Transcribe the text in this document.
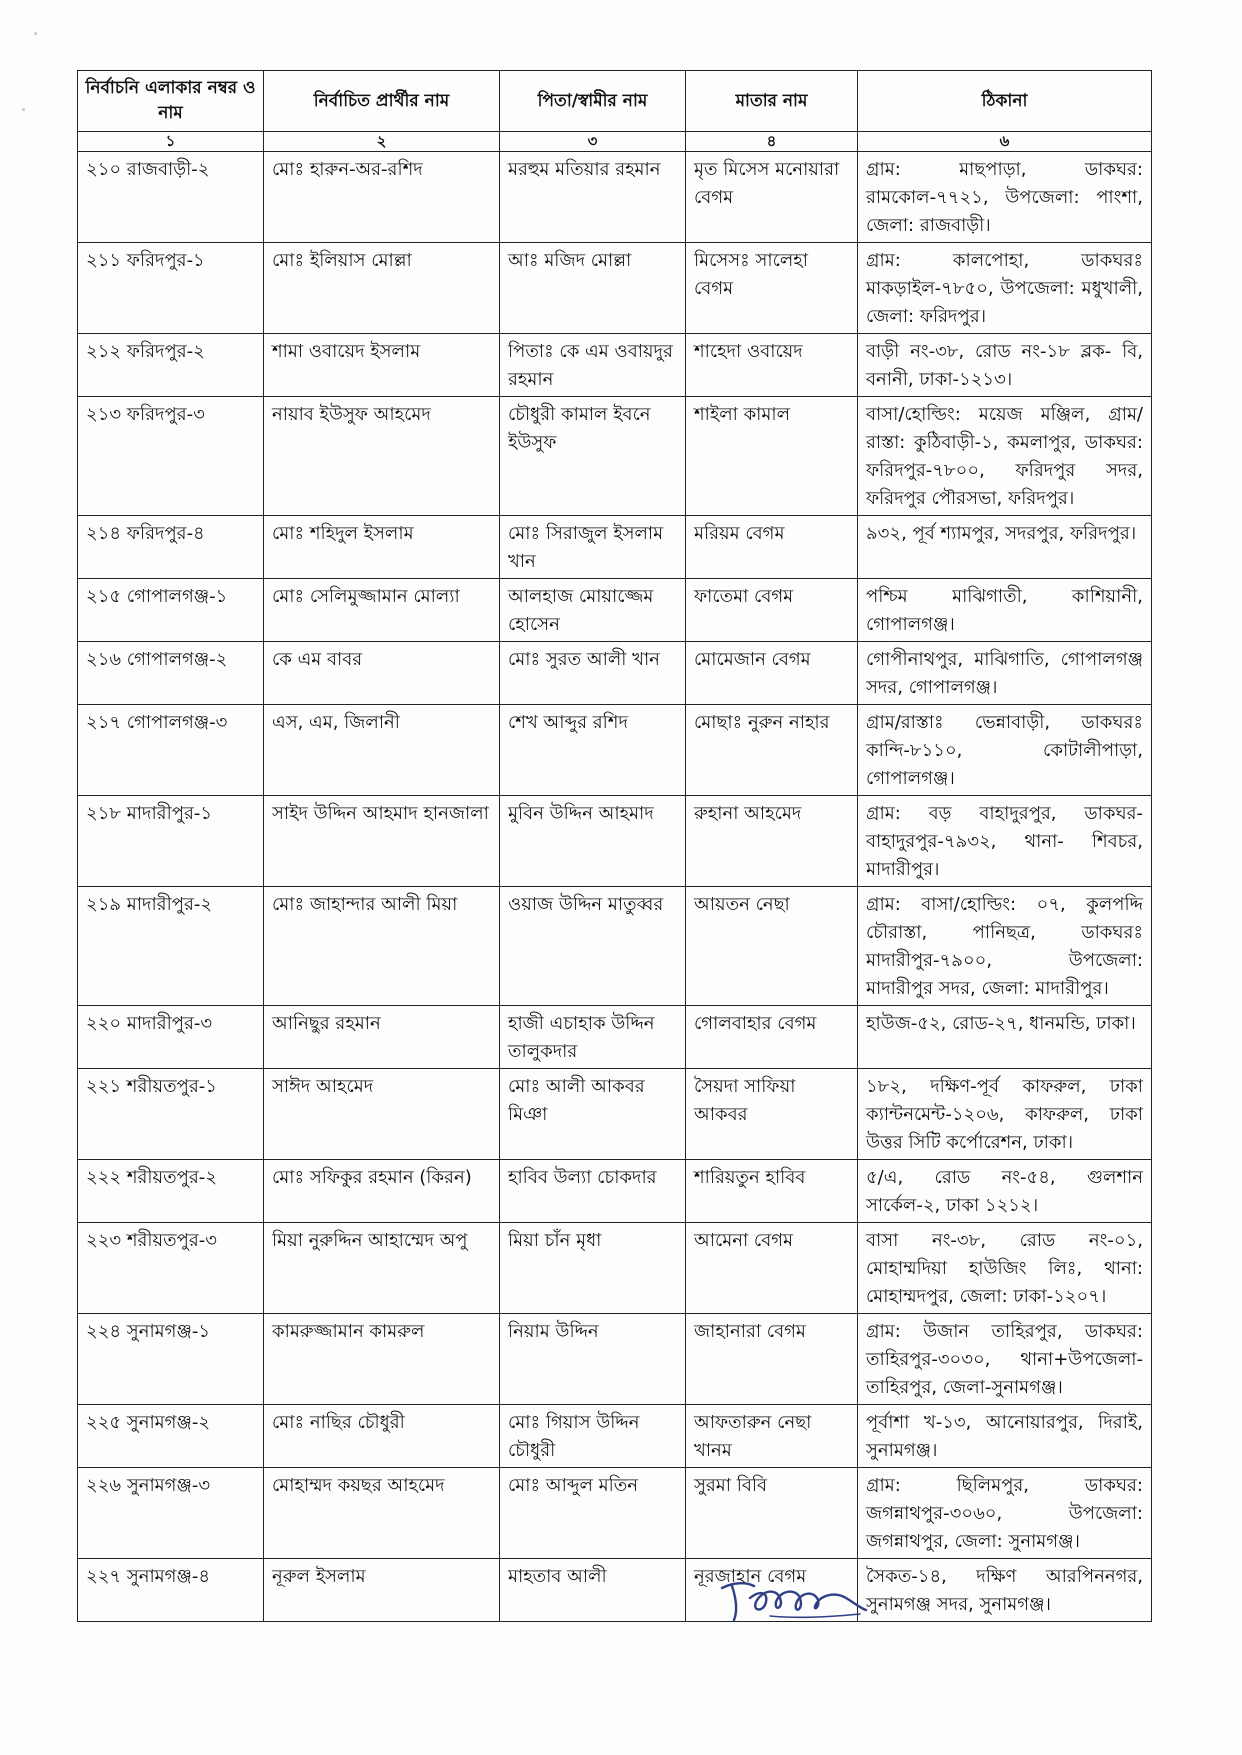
নির্বাচনি এলাকার নম্বর ও নাম	নির্বাচিত প্রার্থীর নাম	পিতা/স্বামীর নাম	মাতার নাম	ঠিকানা
১	২	৩	৪	৬
২১০ রাজবাড়ী-২	মোঃ হারুন-অর-রশিদ	মরহুম মতিয়ার রহমান	মৃত মিসেস মনোয়ারা বেগম	গ্রাম: মাছপাড়া, ডাকঘর: রামকোল-৭৭২১, উপজেলা: পাংশা, জেলা: রাজবাড়ী।
২১১ ফরিদপুর-১	মোঃ ইলিয়াস মোল্লা	আঃ মজিদ মোল্লা	মিসেসঃ সালেহা বেগম	গ্রাম: কালপোহা, ডাকঘরঃ মাকড়াইল-৭৮৫০, উপজেলা: মধুখালী, জেলা: ফরিদপুর।
২১২ ফরিদপুর-২	শামা ওবায়েদ ইসলাম	পিতাঃ কে এম ওবায়দুর রহমান	শাহেদা ওবায়েদ	বাড়ী নং-৩৮, রোড নং-১৮ ব্লক- বি, বনানী, ঢাকা-১২১৩।
২১৩ ফরিদপুর-৩	নায়াব ইউসুফ আহমেদ	চৌধুরী কামাল ইবনে ইউসুফ	শাইলা কামাল	বাসা/হোল্ডিং: ময়েজ মঞ্জিল, গ্রাম/রাস্তা: কুঠিবাড়ী-১, কমলাপুর, ডাকঘর: ফরিদপুর-৭৮০০, ফরিদপুর সদর, ফরিদপুর পৌরসভা, ফরিদপুর।
২১৪ ফরিদপুর-৪	মোঃ শহিদুল ইসলাম	মোঃ সিরাজুল ইসলাম খান	মরিয়ম বেগম	৯৩২, পূর্ব শ্যামপুর, সদরপুর, ফরিদপুর।
২১৫ গোপালগঞ্জ-১	মোঃ সেলিমুজ্জামান মোল্যা	আলহাজ মোয়াজ্জেম হোসেন	ফাতেমা বেগম	পশ্চিম মাঝিগাতী, কাশিয়ানী, গোপালগঞ্জ।
২১৬ গোপালগঞ্জ-২	কে এম বাবর	মোঃ সুরত আলী খান	মোমেজান বেগম	গোপীনাথপুর, মাঝিগাতি, গোপালগঞ্জ সদর, গোপালগঞ্জ।
২১৭ গোপালগঞ্জ-৩	এস, এম, জিলানী	শেখ আব্দুর রশিদ	মোছাঃ নুরুন নাহার	গ্রাম/রাস্তাঃ ভেন্নাবাড়ী, ডাকঘরঃ কান্দি-৮১১০, কোটালীপাড়া, গোপালগঞ্জ।
২১৮ মাদারীপুর-১	সাইদ উদ্দিন আহমাদ হানজালা	মুবিন উদ্দিন আহমাদ	রুহানা আহমেদ	গ্রাম: বড় বাহাদুরপুর, ডাকঘর-বাহাদুরপুর-৭৯৩২, থানা- শিবচর, মাদারীপুর।
২১৯ মাদারীপুর-২	মোঃ জাহান্দার আলী মিয়া	ওয়াজ উদ্দিন মাতুব্বর	আয়তন নেছা	গ্রাম: বাসা/হোল্ডিং: ০৭, কুলপদ্দি চৌরাস্তা, পানিছত্র, ডাকঘরঃ মাদারীপুর-৭৯০০, উপজেলা: মাদারীপুর সদর, জেলা: মাদারীপুর।
২২০ মাদারীপুর-৩	আনিছুর রহমান	হাজী এচাহাক উদ্দিন তালুকদার	গোলবাহার বেগম	হাউজ-৫২, রোড-২৭, ধানমন্ডি, ঢাকা।
২২১ শরীয়তপুর-১	সাঈদ আহমেদ	মোঃ আলী আকবর মিঞা	সৈয়দা সাফিয়া আকবর	১৮২, দক্ষিণ-পূর্ব কাফরুল, ঢাকা ক্যান্টনমেন্ট-১২০৬, কাফরুল, ঢাকা উত্তর সিটি কর্পোরেশন, ঢাকা।
২২২ শরীয়তপুর-২	মোঃ সফিকুর রহমান (কিরন)	হাবিব উল্যা চোকদার	শারিয়তুন হাবিব	৫/এ, রোড নং-৫৪, গুলশান সার্কেল-২, ঢাকা ১২১২।
২২৩ শরীয়তপুর-৩	মিয়া নুরুদ্দিন আহাম্মেদ অপু	মিয়া চাঁন মৃধা	আমেনা বেগম	বাসা নং-৩৮, রোড নং-০১, মোহাম্মদিয়া হাউজিং লিঃ, থানা: মোহাম্মদপুর, জেলা: ঢাকা-১২০৭।
২২৪ সুনামগঞ্জ-১	কামরুজ্জামান কামরুল	নিয়াম উদ্দিন	জাহানারা বেগম	গ্রাম: উজান তাহিরপুর, ডাকঘর: তাহিরপুর-৩০৩০, থানা+উপজেলা- তাহিরপুর, জেলা-সুনামগঞ্জ।
২২৫ সুনামগঞ্জ-২	মোঃ নাছির চৌধুরী	মোঃ গিয়াস উদ্দিন চৌধুরী	আফতারুন নেছা খানম	পূর্বাশা খ-১৩, আনোয়ারপুর, দিরাই, সুনামগঞ্জ।
২২৬ সুনামগঞ্জ-৩	মোহাম্মদ কয়ছর আহমেদ	মোঃ আব্দুল মতিন	সুরমা বিবি	গ্রাম: ছিলিমপুর, ডাকঘর: জগন্নাথপুর-৩০৬০, উপজেলা: জগন্নাথপুর, জেলা: সুনামগঞ্জ।
২২৭ সুনামগঞ্জ-৪	নূরুল ইসলাম	মাহতাব আলী	নূরজাহান বেগম	সৈকত-১৪, দক্ষিণ আরপিননগর, সুনামগঞ্জ সদর, সুনামগঞ্জ।
